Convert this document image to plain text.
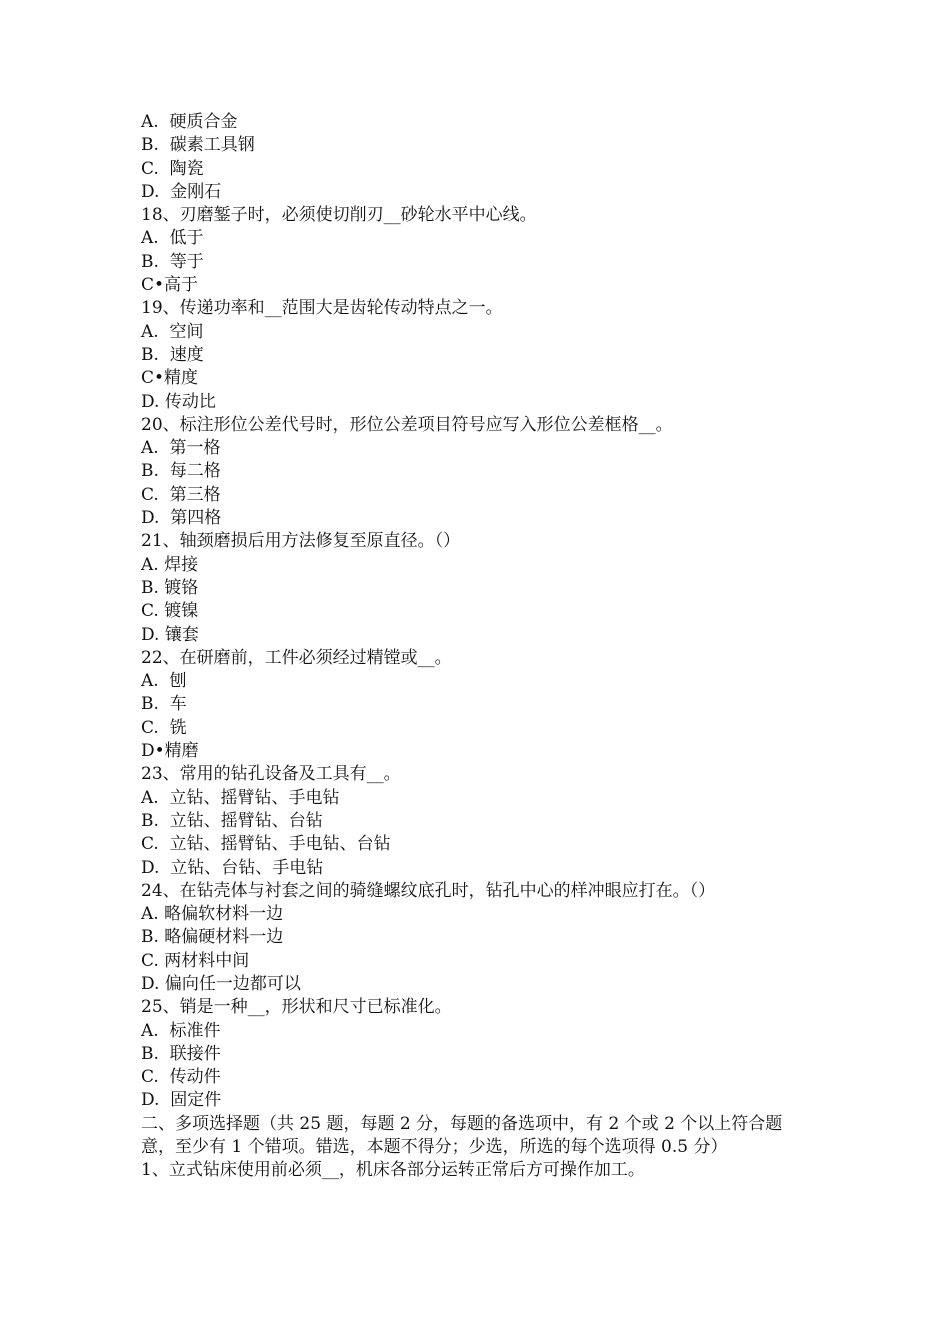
A.  硬质合金
B.  碳素工具钢
C.  陶瓷
D.  金刚石
18、刃磨錾子时，必须使切削刃__砂轮水平中心线。
A.  低于
B.  等于
C•高于
19、传递功率和__范围大是齿轮传动特点之一。
A.  空间
B.  速度
C•精度
D. 传动比
20、标注形位公差代号时，形位公差项目符号应写入形位公差框格__。
A.  第一格
B.  每二格
C.  第三格
D.  第四格
21、轴颈磨损后用方法修复至原直径。（）
A. 焊接
B. 镀铬
C. 镀镍
D. 镶套
22、在研磨前，工件必须经过精镗或__。
A.  刨
B.  车
C.  铣
D•精磨
23、常用的钻孔设备及工具有__。
A.  立钻、摇臂钻、手电钻
B.  立钻、摇臂钻、台钻
C.  立钻、摇臂钻、手电钻、台钻
D.  立钻、台钻、手电钻
24、在钻壳体与衬套之间的骑缝螺纹底孔时，钻孔中心的样冲眼应打在。（）
A. 略偏软材料一边
B. 略偏硬材料一边
C. 两材料中间
D. 偏向任一边都可以
25、销是一种__，形状和尺寸已标准化。
A.  标准件
B.  联接件
C.  传动件
D.  固定件
二、多项选择题（共 25 题，每题 2 分，每题的备选项中，有 2 个或 2 个以上符合题意，至少有 1 个错项。错选，本题不得分；少选，所选的每个选项得 0.5 分）
1、立式钻床使用前必须__，机床各部分运转正常后方可操作加工。
